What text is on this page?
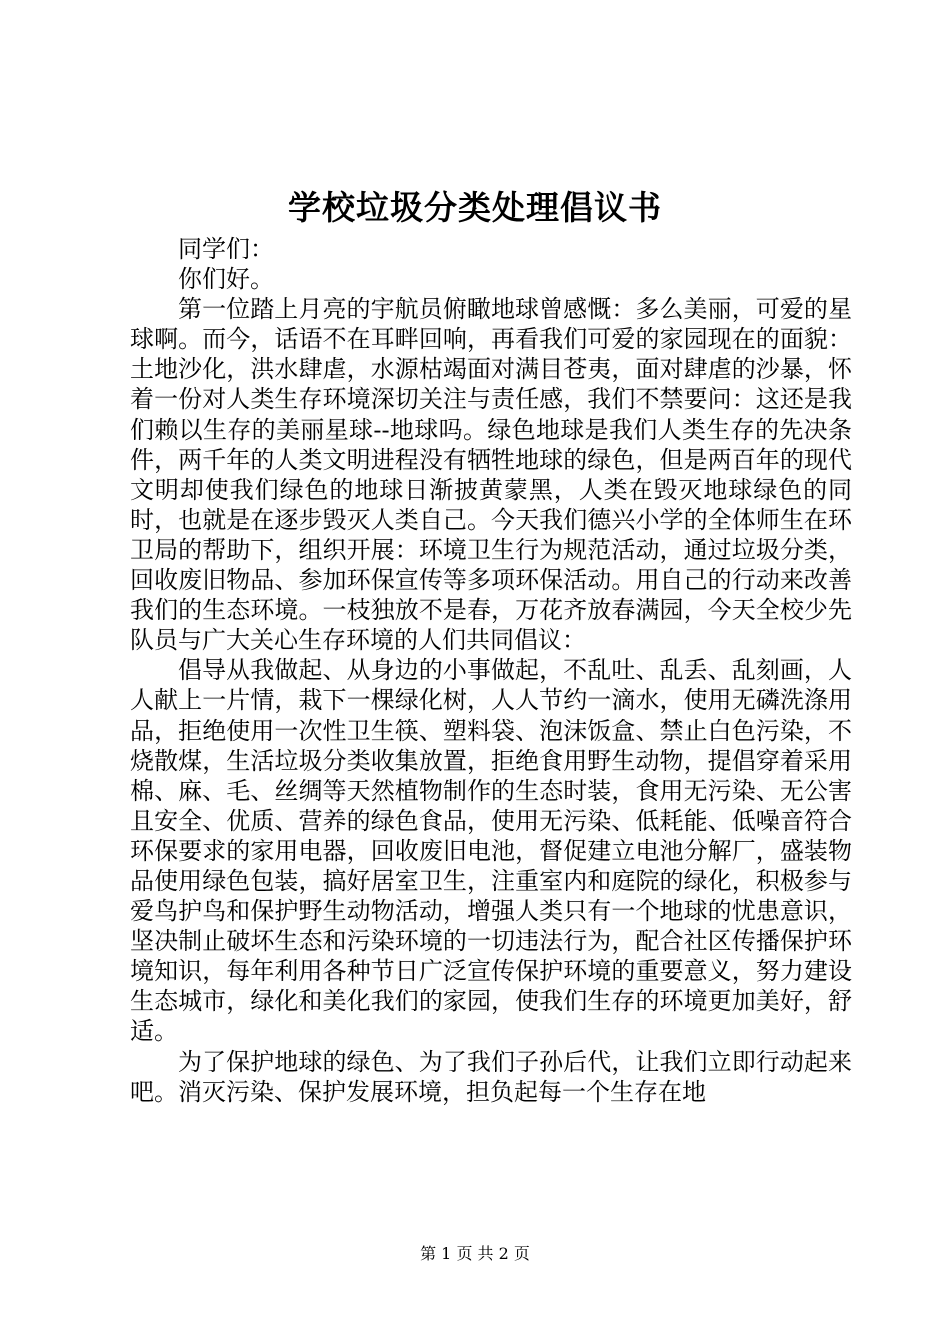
学校垃圾分类处理倡议书

同学们：

你们好。

第一位踏上月亮的宇航员俯瞰地球曾感慨：多么美丽，可爱的星球啊。而今，话语不在耳畔回响，再看我们可爱的家园现在的面貌：土地沙化，洪水肆虐，水源枯竭面对满目苍夷，面对肆虐的沙暴，怀着一份对人类生存环境深切关注与责任感，我们不禁要问：这还是我们赖以生存的美丽星球--地球吗。绿色地球是我们人类生存的先决条件，两千年的人类文明进程没有牺牲地球的绿色，但是两百年的现代文明却使我们绿色的地球日渐披黄蒙黑，人类在毁灭地球绿色的同时，也就是在逐步毁灭人类自己。今天我们德兴小学的全体师生在环卫局的帮助下，组织开展：环境卫生行为规范活动，通过垃圾分类，回收废旧物品、参加环保宣传等多项环保活动。用自己的行动来改善我们的生态环境。一枝独放不是春，万花齐放春满园，今天全校少先队员与广大关心生存环境的人们共同倡议：

倡导从我做起、从身边的小事做起，不乱吐、乱丢、乱刻画，人人献上一片情，栽下一棵绿化树，人人节约一滴水，使用无磷洗涤用品，拒绝使用一次性卫生筷、塑料袋、泡沫饭盒、禁止白色污染，不烧散煤，生活垃圾分类收集放置，拒绝食用野生动物，提倡穿着采用棉、麻、毛、丝绸等天然植物制作的生态时装，食用无污染、无公害且安全、优质、营养的绿色食品，使用无污染、低耗能、低噪音符合环保要求的家用电器，回收废旧电池，督促建立电池分解厂，盛装物品使用绿色包装，搞好居室卫生，注重室内和庭院的绿化，积极参与爱鸟护鸟和保护野生动物活动，增强人类只有一个地球的忧患意识，坚决制止破坏生态和污染环境的一切违法行为，配合社区传播保护环境知识，每年利用各种节日广泛宣传保护环境的重要意义，努力建设生态城市，绿化和美化我们的家园，使我们生存的环境更加美好，舒适。

为了保护地球的绿色、为了我们子孙后代，让我们立即行动起来吧。消灭污染、保护发展环境，担负起每一个生存在地

第 1 页 共 2 页
